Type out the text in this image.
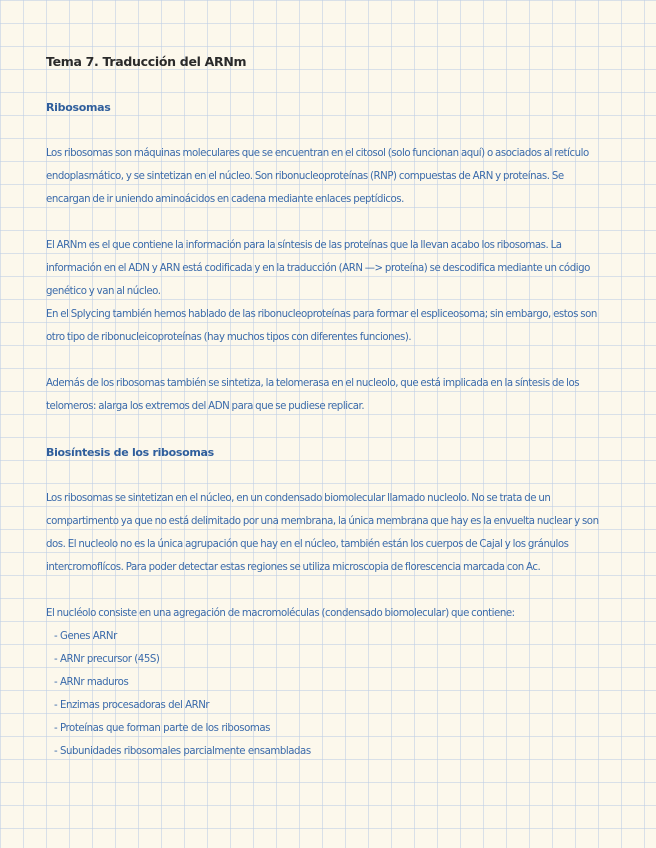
Tema 7. Traducción del ARNm
Ribosomas

Los ribosomas son máquinas moleculares que se encuentran en el citosol (solo funcionan aquí) o asociados al retículo endoplasmático, y se sintetizan en el núcleo. Son ribonucleoproteínas (RNP) compuestas de ARN y proteínas. Se encargan de ir uniendo aminoácidos en cadena mediante enlaces peptídicos.

El ARNm es el que contiene la información para la síntesis de las proteínas que la llevan acabo los ribosomas. La información en el ADN y ARN está codificada y en la traducción (ARN —> proteína) se descodifica mediante un código genético y van al núcleo.

En el Splycing también hemos hablado de las ribonucleoproteínas para formar el espliceosoma; sin embargo, estos son otro tipo de ribonucleicoproteínas (hay muchos tipos con diferentes funciones).

Además de los ribosomas también se sintetiza, la telomerasa en el nucleolo, que está implicada en la síntesis de los telomeros: alarga los extremos del ADN para que se pudiese replicar.

Biosíntesis de los ribosomas

Los ribosomas se sintetizan en el núcleo, en un condensado biomolecular llamado nucleolo. No se trata de un compartimento ya que no está delimitado por una membrana, la única membrana que hay es la envuelta nuclear y son dos. El nucleolo no es la única agrupación que hay en el núcleo, también están los cuerpos de Cajal y los gránulos intercromoflícos. Para poder detectar estas regiones se utiliza microscopia de florescencia marcada con Ac.

El nucléolo consiste en una agregación de macromoléculas (condensado biomolecular) que contiene:

- Genes ARNr
- ARNr precursor (45S)
- ARNr maduros
- Enzimas procesadoras del ARNr
- Proteínas que forman parte de los ribosomas
- Subunidades ribosomales parcialmente ensambladas
